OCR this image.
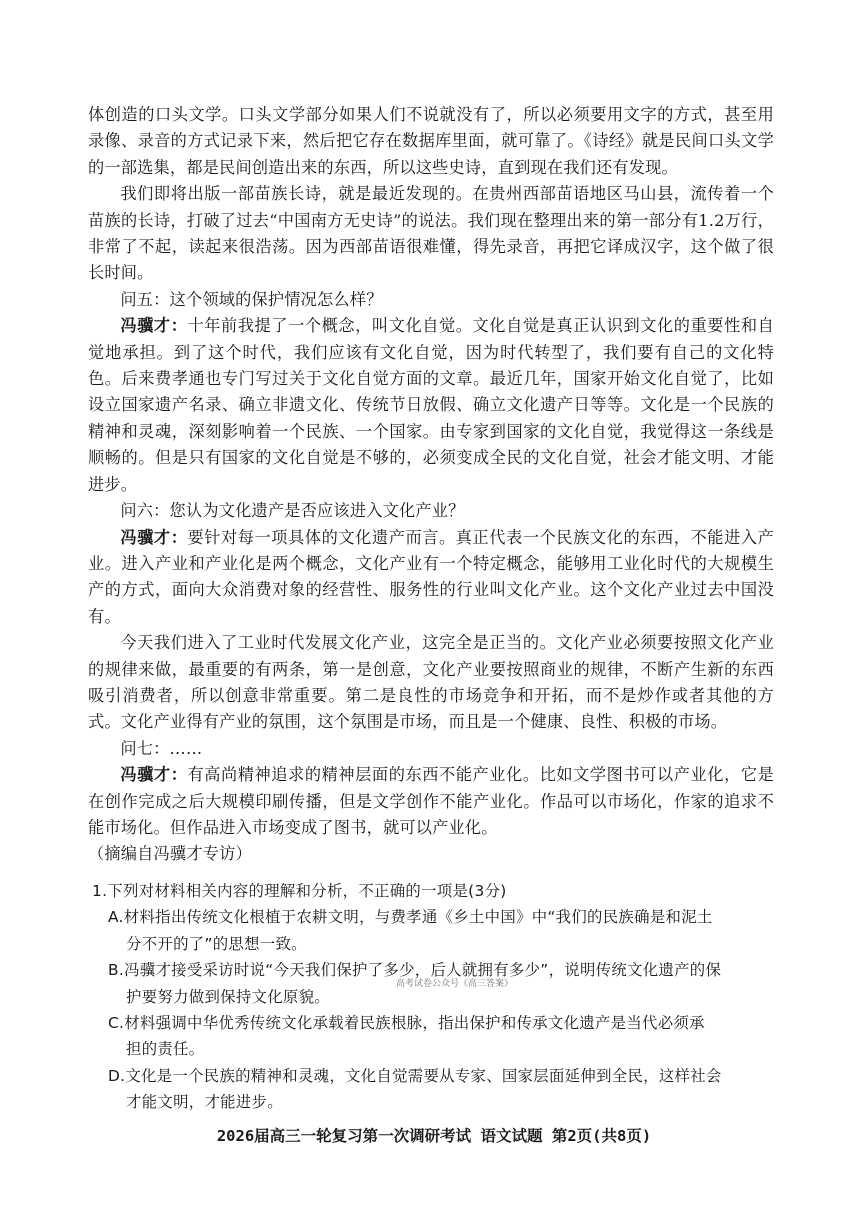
体创造的口头文学。口头文学部分如果人们不说就没有了，所以必须要用文字的方式，甚至用录像、录音的方式记录下来，然后把它存在数据库里面，就可靠了。《诗经》就是民间口头文学的一部选集，都是民间创造出来的东西，所以这些史诗，直到现在我们还有发现。

我们即将出版一部苗族长诗，就是最近发现的。在贵州西部苗语地区马山县，流传着一个苗族的长诗，打破了过去“中国南方无史诗”的说法。我们现在整理出来的第一部分有1.2万行，非常了不起，读起来很浩荡。因为西部苗语很难懂，得先录音，再把它译成汉字，这个做了很长时间。

问五：这个领域的保护情况怎么样？

冯骥才：十年前我提了一个概念，叫文化自觉。文化自觉是真正认识到文化的重要性和自觉地承担。到了这个时代，我们应该有文化自觉，因为时代转型了，我们要有自己的文化特色。后来费孝通也专门写过关于文化自觉方面的文章。最近几年，国家开始文化自觉了，比如设立国家遗产名录、确立非遗文化、传统节日放假、确立文化遗产日等等。文化是一个民族的精神和灵魂，深刻影响着一个民族、一个国家。由专家到国家的文化自觉，我觉得这一条线是顺畅的。但是只有国家的文化自觉是不够的，必须变成全民的文化自觉，社会才能文明、才能进步。

问六：您认为文化遗产是否应该进入文化产业？

冯骥才：要针对每一项具体的文化遗产而言。真正代表一个民族文化的东西，不能进入产业。进入产业和产业化是两个概念，文化产业有一个特定概念，能够用工业化时代的大规模生产的方式，面向大众消费对象的经营性、服务性的行业叫文化产业。这个文化产业过去中国没有。

今天我们进入了工业时代发展文化产业，这完全是正当的。文化产业必须要按照文化产业的规律来做，最重要的有两条，第一是创意，文化产业要按照商业的规律，不断产生新的东西吸引消费者，所以创意非常重要。第二是良性的市场竞争和开拓，而不是炒作或者其他的方式。文化产业得有产业的氛围，这个氛围是市场，而且是一个健康、良性、积极的市场。

问七：……

冯骥才：有高尚精神追求的精神层面的东西不能产业化。比如文学图书可以产业化，它是在创作完成之后大规模印刷传播，但是文学创作不能产业化。作品可以市场化，作家的追求不能市场化。但作品进入市场变成了图书，就可以产业化。

（摘编自冯骥才专访）

1.下列对材料相关内容的理解和分析，不正确的一项是(3分)

A.材料指出传统文化根植于农耕文明，与费孝通《乡土中国》中“我们的民族确是和泥土
分不开的了”的思想一致。

B.冯骥才接受采访时说“今天我们保护了多少，后人就拥有多少”，说明传统文化遗产的保
护要努力做到保持文化原貌。

C.材料强调中华优秀传统文化承载着民族根脉，指出保护和传承文化遗产是当代必须承
担的责任。

D.文化是一个民族的精神和灵魂，文化自觉需要从专家、国家层面延伸到全民，这样社会
才能文明，才能进步。

高考试卷公众号《高三答案》
2026届高三一轮复习第一次调研考试 语文试题 第2页(共8页)
